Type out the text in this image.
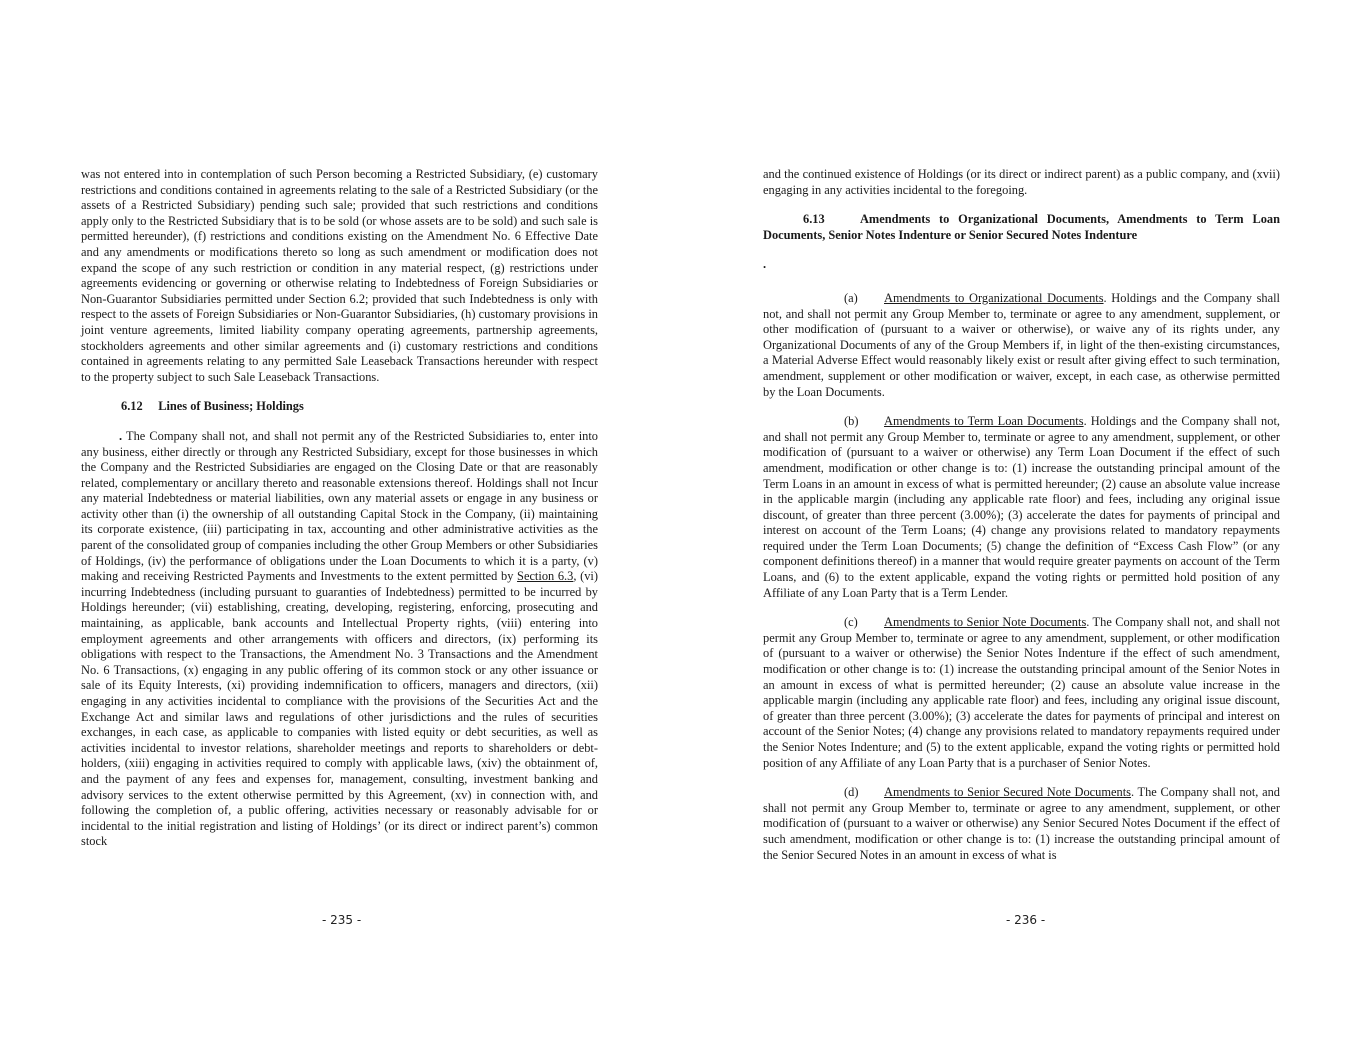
was not entered into in contemplation of such Person becoming a Restricted Subsidiary, (e) customary restrictions and conditions contained in agreements relating to the sale of a Restricted Subsidiary (or the assets of a Restricted Subsidiary) pending such sale; provided that such restrictions and conditions apply only to the Restricted Subsidiary that is to be sold (or whose assets are to be sold) and such sale is permitted hereunder), (f) restrictions and conditions existing on the Amendment No. 6 Effective Date and any amendments or modifications thereto so long as such amendment or modification does not expand the scope of any such restriction or condition in any material respect, (g) restrictions under agreements evidencing or governing or otherwise relating to Indebtedness of Foreign Subsidiaries or Non-Guarantor Subsidiaries permitted under Section 6.2; provided that such Indebtedness is only with respect to the assets of Foreign Subsidiaries or Non-Guarantor Subsidiaries, (h) customary provisions in joint venture agreements, limited liability company operating agreements, partnership agreements, stockholders agreements and other similar agreements and (i) customary restrictions and conditions contained in agreements relating to any permitted Sale Leaseback Transactions hereunder with respect to the property subject to such Sale Leaseback Transactions.

6.12 Lines of Business; Holdings

. The Company shall not, and shall not permit any of the Restricted Subsidiaries to, enter into any business, either directly or through any Restricted Subsidiary, except for those businesses in which the Company and the Restricted Subsidiaries are engaged on the Closing Date or that are reasonably related, complementary or ancillary thereto and reasonable extensions thereof. Holdings shall not Incur any material Indebtedness or material liabilities, own any material assets or engage in any business or activity other than (i) the ownership of all outstanding Capital Stock in the Company, (ii) maintaining its corporate existence, (iii) participating in tax, accounting and other administrative activities as the parent of the consolidated group of companies including the other Group Members or other Subsidiaries of Holdings, (iv) the performance of obligations under the Loan Documents to which it is a party, (v) making and receiving Restricted Payments and Investments to the extent permitted by Section 6.3, (vi) incurring Indebtedness (including pursuant to guaranties of Indebtedness) permitted to be incurred by Holdings hereunder; (vii) establishing, creating, developing, registering, enforcing, prosecuting and maintaining, as applicable, bank accounts and Intellectual Property rights, (viii) entering into employment agreements and other arrangements with officers and directors, (ix) performing its obligations with respect to the Transactions, the Amendment No. 3 Transactions and the Amendment No. 6 Transactions, (x) engaging in any public offering of its common stock or any other issuance or sale of its Equity Interests, (xi) providing indemnification to officers, managers and directors, (xii) engaging in any activities incidental to compliance with the provisions of the Securities Act and the Exchange Act and similar laws and regulations of other jurisdictions and the rules of securities exchanges, in each case, as applicable to companies with listed equity or debt securities, as well as activities incidental to investor relations, shareholder meetings and reports to shareholders or debt-holders, (xiii) engaging in activities required to comply with applicable laws, (xiv) the obtainment of, and the payment of any fees and expenses for, management, consulting, investment banking and advisory services to the extent otherwise permitted by this Agreement, (xv) in connection with, and following the completion of, a public offering, activities necessary or reasonably advisable for or incidental to the initial registration and listing of Holdings’ (or its direct or indirect parent’s) common stock

- 235 -	- 236 -

and the continued existence of Holdings (or its direct or indirect parent) as a public company, and (xvii) engaging in any activities incidental to the foregoing.

6.13	Amendments to Organizational Documents, Amendments to Term Loan Documents, Senior Notes Indenture or Senior Secured Notes Indenture

.

(a) Amendments to Organizational Documents. Holdings and the Company shall not, and shall not permit any Group Member to, terminate or agree to any amendment, supplement, or other modification of (pursuant to a waiver or otherwise), or waive any of its rights under, any Organizational Documents of any of the Group Members if, in light of the then-existing circumstances, a Material Adverse Effect would reasonably likely exist or result after giving effect to such termination, amendment, supplement or other modification or waiver, except, in each case, as otherwise permitted by the Loan Documents.

(b) Amendments to Term Loan Documents. Holdings and the Company shall not, and shall not permit any Group Member to, terminate or agree to any amendment, supplement, or other modification of (pursuant to a waiver or otherwise) any Term Loan Document if the effect of such amendment, modification or other change is to: (1) increase the outstanding principal amount of the Term Loans in an amount in excess of what is permitted hereunder; (2) cause an absolute value increase in the applicable margin (including any applicable rate floor) and fees, including any original issue discount, of greater than three percent (3.00%); (3) accelerate the dates for payments of principal and interest on account of the Term Loans; (4) change any provisions related to mandatory repayments required under the Term Loan Documents; (5) change the definition of “Excess Cash Flow” (or any component definitions thereof) in a manner that would require greater payments on account of the Term Loans, and (6) to the extent applicable, expand the voting rights or permitted hold position of any Affiliate of any Loan Party that is a Term Lender.

(c) Amendments to Senior Note Documents. The Company shall not, and shall not permit any Group Member to, terminate or agree to any amendment, supplement, or other modification of (pursuant to a waiver or otherwise) the Senior Notes Indenture if the effect of such amendment, modification or other change is to: (1) increase the outstanding principal amount of the Senior Notes in an amount in excess of what is permitted hereunder; (2) cause an absolute value increase in the applicable margin (including any applicable rate floor) and fees, including any original issue discount, of greater than three percent (3.00%); (3) accelerate the dates for payments of principal and interest on account of the Senior Notes; (4) change any provisions related to mandatory repayments required under the Senior Notes Indenture; and (5) to the extent applicable, expand the voting rights or permitted hold position of any Affiliate of any Loan Party that is a purchaser of Senior Notes.

(d) Amendments to Senior Secured Note Documents. The Company shall not, and shall not permit any Group Member to, terminate or agree to any amendment, supplement, or other modification of (pursuant to a waiver or otherwise) any Senior Secured Notes Document if the effect of such amendment, modification or other change is to: (1) increase the outstanding principal amount of the Senior Secured Notes in an amount in excess of what is
